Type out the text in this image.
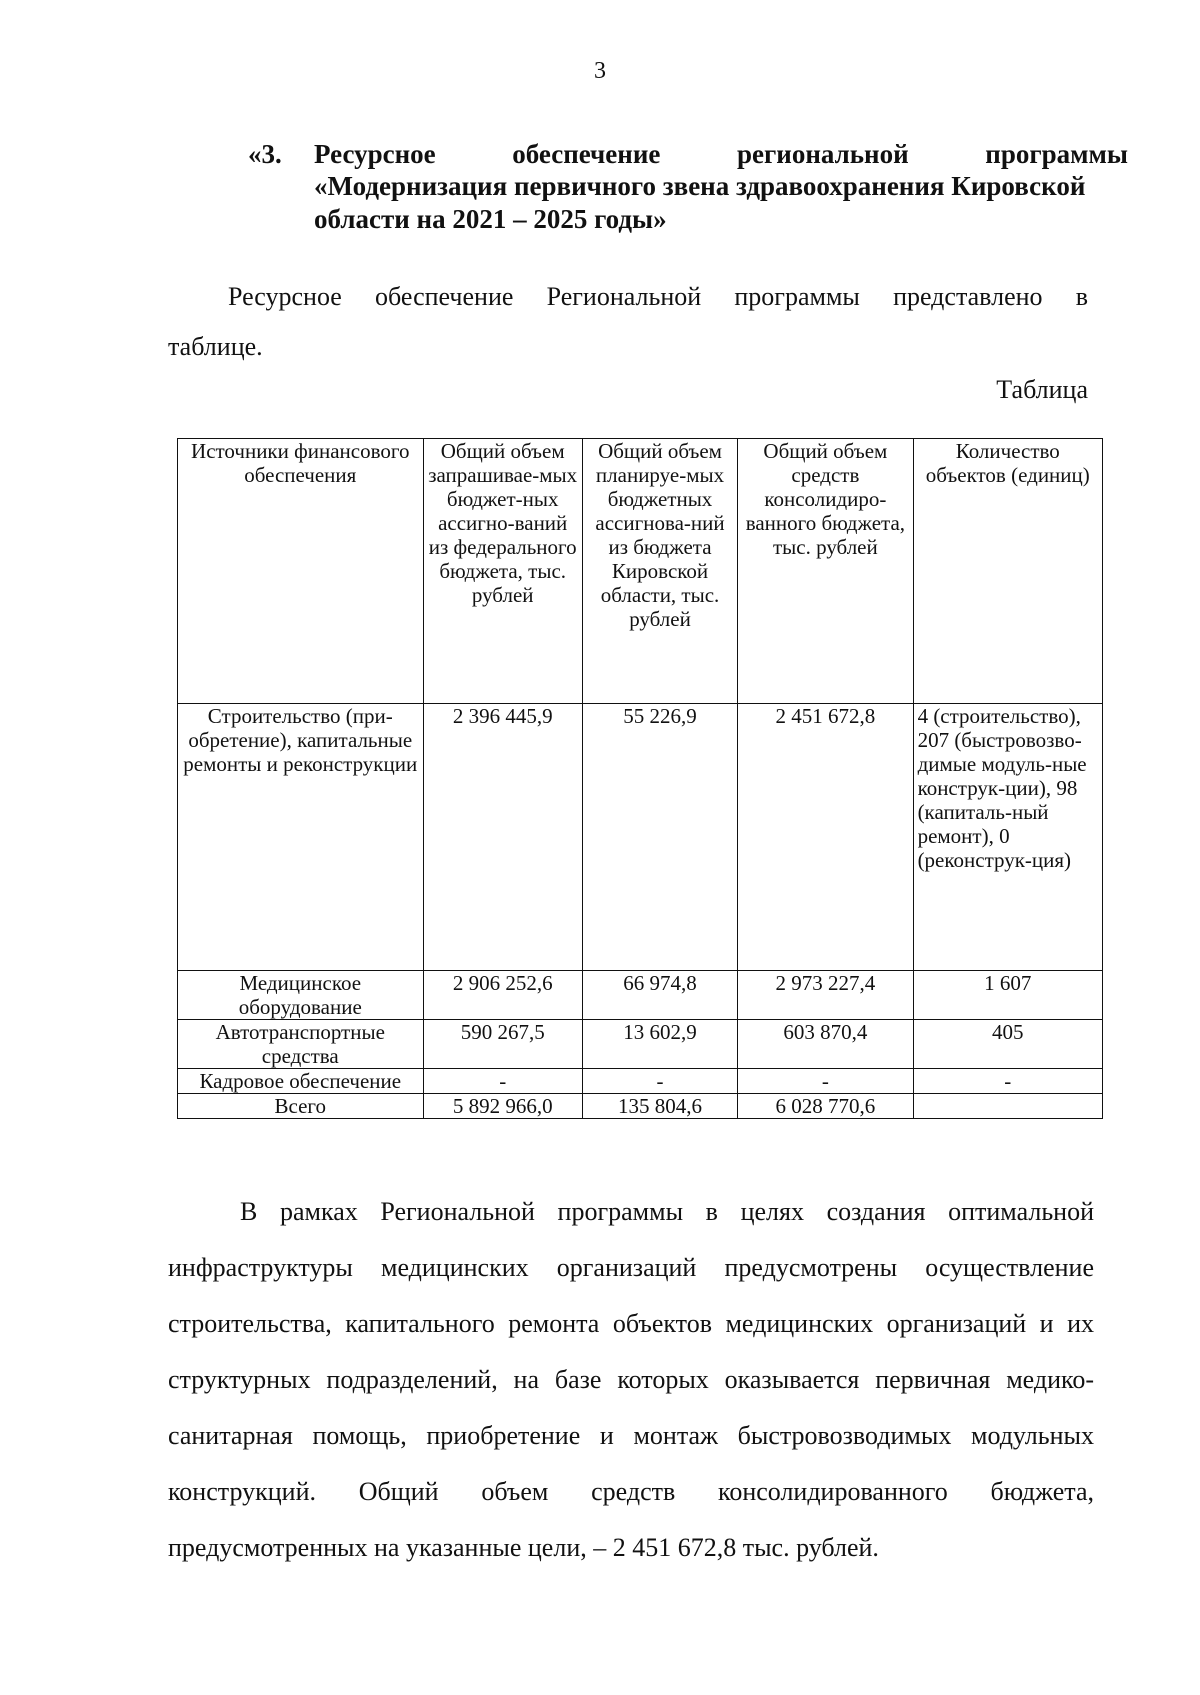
3
«3.	Ресурсное	обеспечение	региональной	программы
«Модернизация первичного звена здравоохранения Кировской
области на 2021 – 2025 годы»
Ресурсное обеспечение Региональной программы представлено в
таблице.
Таблица
Источники финансового обеспечения	Общий объем запрашивае-мых бюджет-ных ассигно-ваний из федерального бюджета, тыс. рублей	Общий объем планируе-мых бюджетных ассигнова-ний из бюджета Кировской области, тыс. рублей	Общий объем средств консолидиро-ванного бюджета, тыс. рублей	Количество объектов (единиц)
Строительство (при-обретение), капитальные ремонты и реконструкции	2 396 445,9	55 226,9	2 451 672,8	4 (строительство), 207 (быстровозво-димые модуль-ные конструк-ции), 98 (капиталь-ный ремонт), 0 (реконструк-ция)
Медицинское оборудование	2 906 252,6	66 974,8	2 973 227,4	1 607
Автотранспортные средства	590 267,5	13 602,9	603 870,4	405
Кадровое обеспечение	-	-	-	-
Всего	5 892 966,0	135 804,6	6 028 770,6	

В рамках Региональной программы в целях создания оптимальной инфраструктуры медицинских организаций предусмотрены осуществление строительства, капитального ремонта объектов медицинских организаций и их структурных подразделений, на базе которых оказывается первичная медико-санитарная помощь, приобретение и монтаж быстровозводимых модульных конструкций. Общий объем средств консолидированного бюджета, предусмотренных на указанные цели, – 2 451 672,8 тыс. рублей.
